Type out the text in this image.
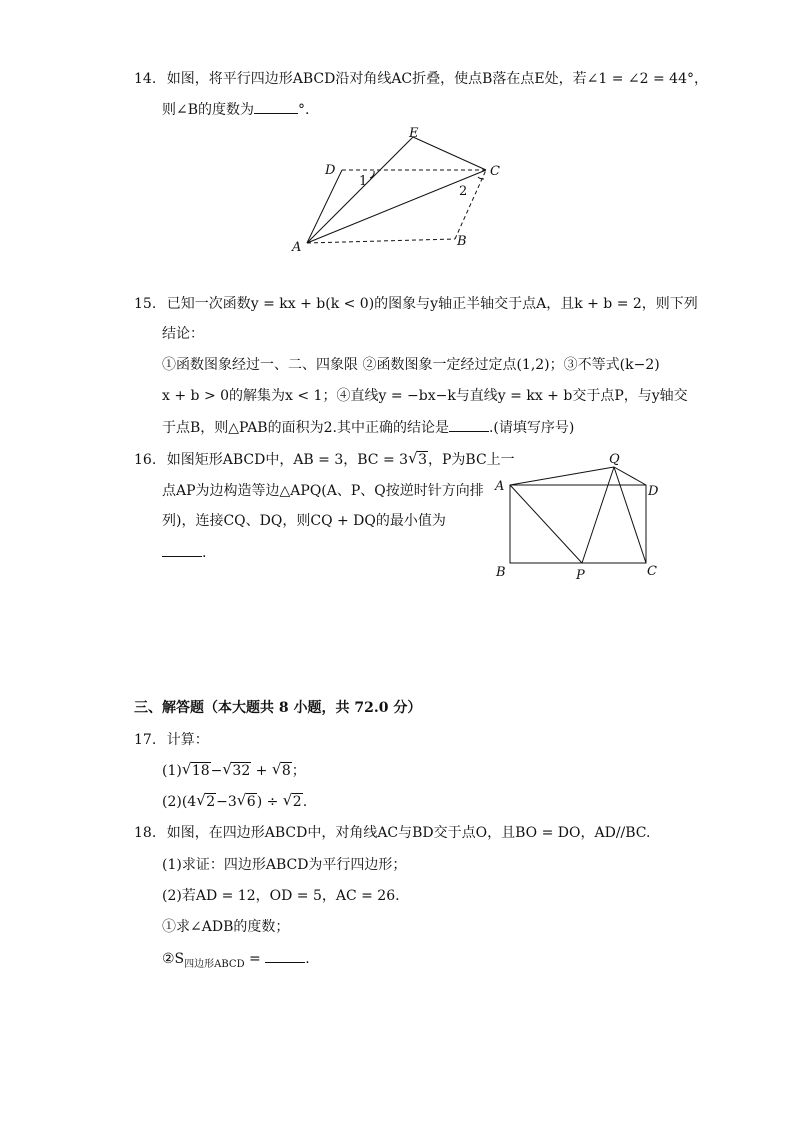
14. 如图，将平行四边形ABCD沿对角线AC折叠，使点B落在点E处，若∠1 = ∠2 = 44°，
则∠B的度数为	°.
E
D	C
A	B
1
2
15. 已知一次函数y = kx + b(k < 0)的图象与y轴正半轴交于点A，且k + b = 2，则下列
结论：
①函数图象经过一、二、四象限 ②函数图象一定经过定点(1,2)；③不等式(k−2)
x + b > 0的解集为x < 1；④直线y = −bx−k与直线y = kx + b交于点P，与y轴交
于点B，则△PAB的面积为2.其中正确的结论是	.(请填写序号)
16. 如图矩形ABCD中，AB = 3，BC = 3 √ 3，P为BC上一
点AP为边构造等边△APQ(A、P、Q按逆时针方向排
列)，连接CQ、DQ，则CQ + DQ的最小值为
.
Q
A	D
B	P	C
三、解答题（本大题共 8 小题，共 72.0 分）
17. 计算：
(1) √ 18− √ 32 + √ 8；
(2)(4 √ 2−3 √ 6) ÷ √ 2.
18. 如图，在四边形ABCD中，对角线AC与BD交于点O，且BO = DO，AD//BC.
(1)求证：四边形ABCD为平行四边形；
(2)若AD = 12，OD = 5，AC = 26.
①求∠ADB的度数；
$②S_{四边形ABCD}$ =	.
